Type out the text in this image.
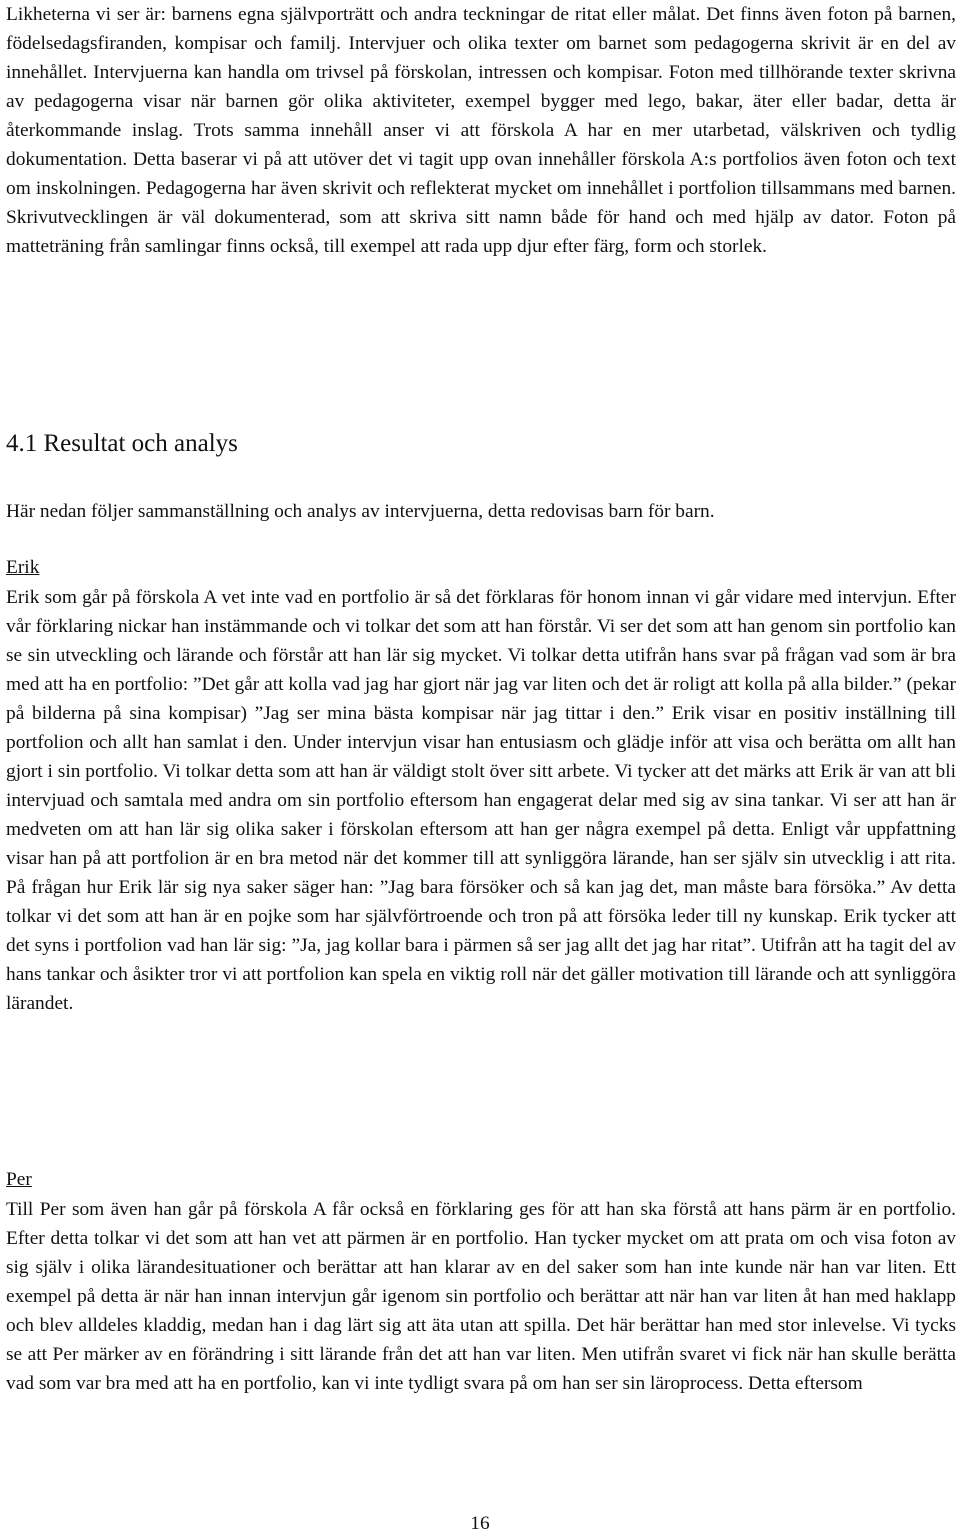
Likheterna vi ser är: barnens egna självporträtt och andra teckningar de ritat eller målat. Det finns även foton på barnen, födelsedagsfiranden, kompisar och familj. Intervjuer och olika texter om barnet som pedagogerna skrivit är en del av innehållet. Intervjuerna kan handla om trivsel på förskolan, intressen och kompisar. Foton med tillhörande texter skrivna av pedagogerna visar när barnen gör olika aktiviteter, exempel bygger med lego, bakar, äter eller badar, detta är återkommande inslag. Trots samma innehåll anser vi att förskola A har en mer utarbetad, välskriven och tydlig dokumentation. Detta baserar vi på att utöver det vi tagit upp ovan innehåller förskola A:s portfolios även foton och text om inskolningen. Pedagogerna har även skrivit och reflekterat mycket om innehållet i portfolion tillsammans med barnen. Skrivutvecklingen är väl dokumenterad, som att skriva sitt namn både för hand och med hjälp av dator. Foton på matteträning från samlingar finns också, till exempel att rada upp djur efter färg, form och storlek.

4.1 Resultat och analys

Här nedan följer sammanställning och analys av intervjuerna, detta redovisas barn för barn.

Erik

Erik som går på förskola A vet inte vad en portfolio är så det förklaras för honom innan vi går vidare med intervjun. Efter vår förklaring nickar han instämmande och vi tolkar det som att han förstår. Vi ser det som att han genom sin portfolio kan se sin utveckling och lärande och förstår att han lär sig mycket. Vi tolkar detta utifrån hans svar på frågan vad som är bra med att ha en portfolio: ”Det går att kolla vad jag har gjort när jag var liten och det är roligt att kolla på alla bilder.” (pekar på bilderna på sina kompisar) ”Jag ser mina bästa kompisar när jag tittar i den.” Erik visar en positiv inställning till portfolion och allt han samlat i den. Under intervjun visar han entusiasm och glädje inför att visa och berätta om allt han gjort i sin portfolio. Vi tolkar detta som att han är väldigt stolt över sitt arbete. Vi tycker att det märks att Erik är van att bli intervjuad och samtala med andra om sin portfolio eftersom han engagerat delar med sig av sina tankar. Vi ser att han är medveten om att han lär sig olika saker i förskolan eftersom att han ger några exempel på detta. Enligt vår uppfattning visar han på att portfolion är en bra metod när det kommer till att synliggöra lärande, han ser själv sin utvecklig i att rita. På frågan hur Erik lär sig nya saker säger han: ”Jag bara försöker och så kan jag det, man måste bara försöka.” Av detta tolkar vi det som att han är en pojke som har självförtroende och tron på att försöka leder till ny kunskap. Erik tycker att det syns i portfolion vad han lär sig: ”Ja, jag kollar bara i pärmen så ser jag allt det jag har ritat”. Utifrån att ha tagit del av hans tankar och åsikter tror vi att portfolion kan spela en viktig roll när det gäller motivation till lärande och att synliggöra lärandet.

Per

Till Per som även han går på förskola A får också en förklaring ges för att han ska förstå att hans pärm är en portfolio. Efter detta tolkar vi det som att han vet att pärmen är en portfolio. Han tycker mycket om att prata om och visa foton av sig själv i olika lärandesituationer och berättar att han klarar av en del saker som han inte kunde när han var liten. Ett exempel på detta är när han innan intervjun går igenom sin portfolio och berättar att när han var liten åt han med haklapp och blev alldeles kladdig, medan han i dag lärt sig att äta utan att spilla. Det här berättar han med stor inlevelse. Vi tycks se att Per märker av en förändring i sitt lärande från det att han var liten. Men utifrån svaret vi fick när han skulle berätta vad som var bra med att ha en portfolio, kan vi inte tydligt svara på om han ser sin läroprocess. Detta eftersom

16
